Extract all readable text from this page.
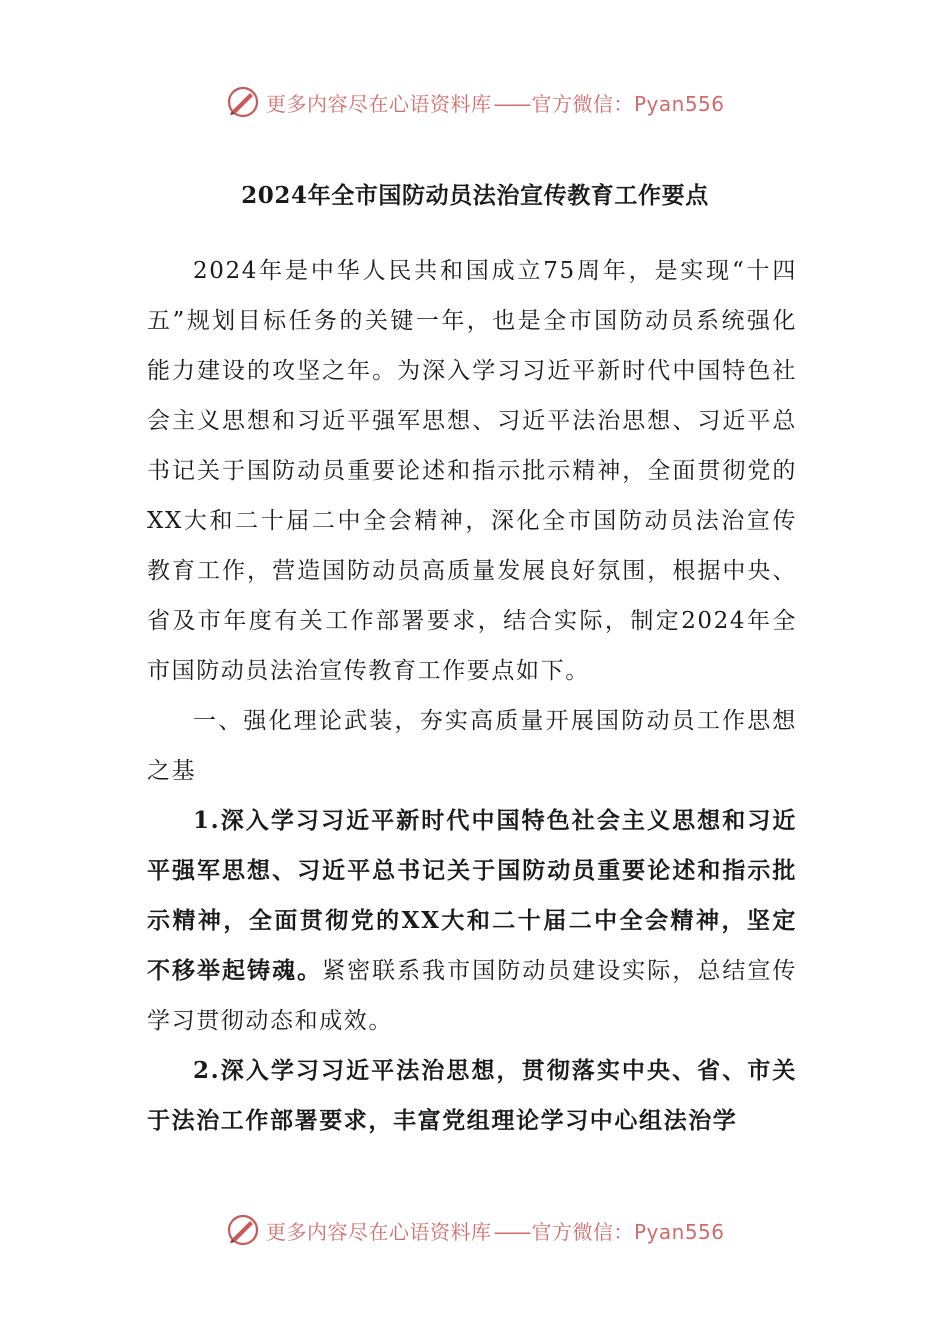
更多内容尽在心语资料库 —— 官方微信：Pyan556
2024年全市国防动员法治宣传教育工作要点

2024年是中华人民共和国成立75周年，是实现“十四五”规划目标任务的关键一年，也是全市国防动员系统强化能力建设的攻坚之年。为深入学习习近平新时代中国特色社会主义思想和习近平强军思想、习近平法治思想、习近平总书记关于国防动员重要论述和指示批示精神，全面贯彻党的XX大和二十届二中全会精神，深化全市国防动员法治宣传教育工作，营造国防动员高质量发展良好氛围，根据中央、省及市年度有关工作部署要求，结合实际，制定2024年全市国防动员法治宣传教育工作要点如下。

一、强化理论武装，夯实高质量开展国防动员工作思想之基

1.深入学习习近平新时代中国特色社会主义思想和习近平强军思想、习近平总书记关于国防动员重要论述和指示批示精神，全面贯彻党的XX大和二十届二中全会精神，坚定不移举起铸魂。紧密联系我市国防动员建设实际，总结宣传学习贯彻动态和成效。

2.深入学习习近平法治思想，贯彻落实中央、省、市关于法治工作部署要求，丰富党组理论学习中心组法治学

更多内容尽在心语资料库 —— 官方微信：Pyan556
